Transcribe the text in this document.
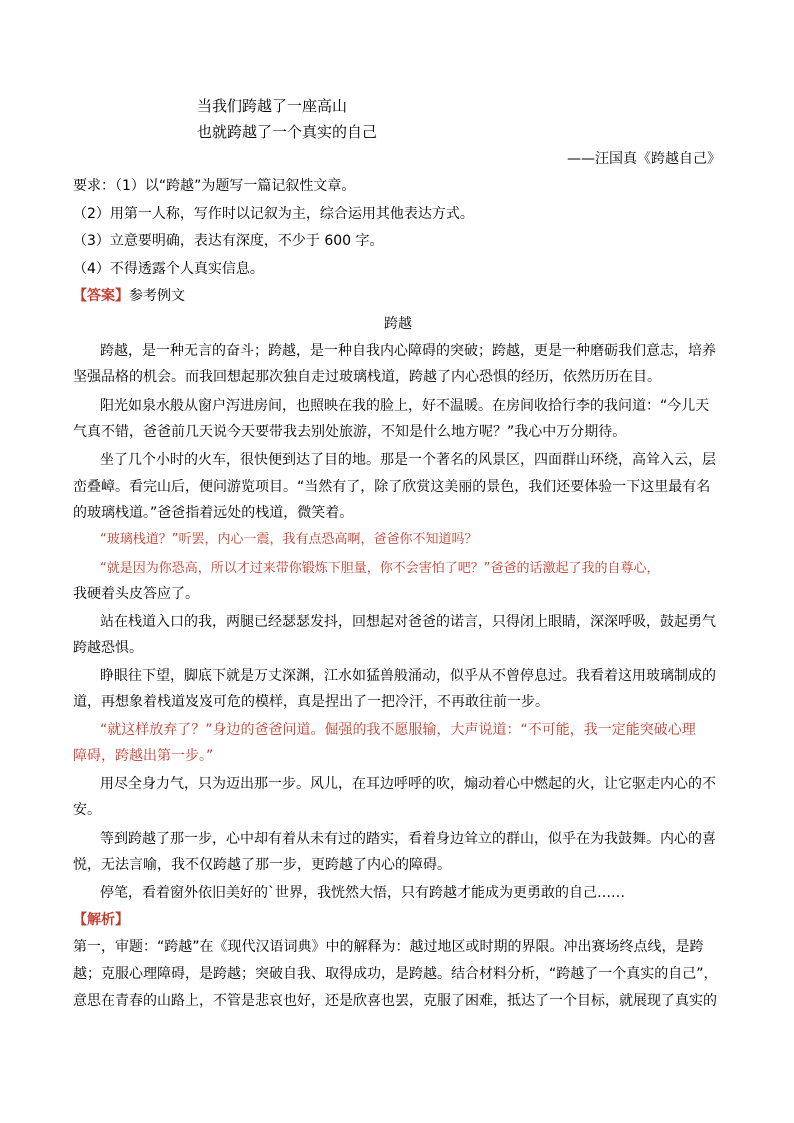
当我们跨越了一座高山
也就跨越了一个真实的自己
——汪国真《跨越自己》
要求：（1）以“跨越”为题写一篇记叙性文章。
（2）用第一人称，写作时以记叙为主，综合运用其他表达方式。
（3）立意要明确，表达有深度，不少于 600 字。
（4）不得透露个人真实信息。
【答案】参考例文
跨越
跨越，是一种无言的奋斗；跨越，是一种自我内心障碍的突破；跨越，更是一种磨砺我们意志，培养
坚强品格的机会。而我回想起那次独自走过玻璃栈道，跨越了内心恐惧的经历，依然历历在目。
阳光如泉水般从窗户泻进房间，也照映在我的脸上，好不温暖。在房间收拾行李的我问道：“今儿天
气真不错，爸爸前几天说今天要带我去别处旅游，不知是什么地方呢？”我心中万分期待。
坐了几个小时的火车，很快便到达了目的地。那是一个著名的风景区，四面群山环绕，高耸入云，层
峦叠嶂。看完山后，便问游览项目。“当然有了，除了欣赏这美丽的景色，我们还要体验一下这里最有名
的玻璃栈道。”爸爸指着远处的栈道，微笑着。
“玻璃栈道？”听罢，内心一震，我有点恐高啊，爸爸你不知道吗？
“就是因为你恐高，所以才过来带你锻炼下胆量，你不会害怕了吧？”爸爸的话激起了我的自尊心，
我硬着头皮答应了。
站在栈道入口的我，两腿已经瑟瑟发抖，回想起对爸爸的诺言，只得闭上眼睛，深深呼吸，鼓起勇气
跨越恐惧。
睁眼往下望，脚底下就是万丈深渊，江水如猛兽般涌动，似乎从不曾停息过。我看着这用玻璃制成的
道，再想象着栈道岌岌可危的模样，真是捏出了一把冷汗，不再敢往前一步。
“就这样放弃了？”身边的爸爸问道。倔强的我不愿服输，大声说道：“不可能，我一定能突破心理
障碍，跨越出第一步。”
用尽全身力气，只为迈出那一步。风儿，在耳边呼呼的吹，煽动着心中燃起的火，让它驱走内心的不
安。
等到跨越了那一步，心中却有着从未有过的踏实，看着身边耸立的群山，似乎在为我鼓舞。内心的喜
悦，无法言喻，我不仅跨越了那一步，更跨越了内心的障碍。
停笔，看着窗外依旧美好的`世界，我恍然大悟，只有跨越才能成为更勇敢的自己……
【解析】
第一，审题：“跨越”在《现代汉语词典》中的解释为：越过地区或时期的界限。冲出赛场终点线，是跨
越；克服心理障碍，是跨越；突破自我、取得成功，是跨越。结合材料分析，“跨越了一个真实的自己”，
意思在青春的山路上，不管是悲哀也好，还是欣喜也罢，克服了困难，抵达了一个目标，就展现了真实的
